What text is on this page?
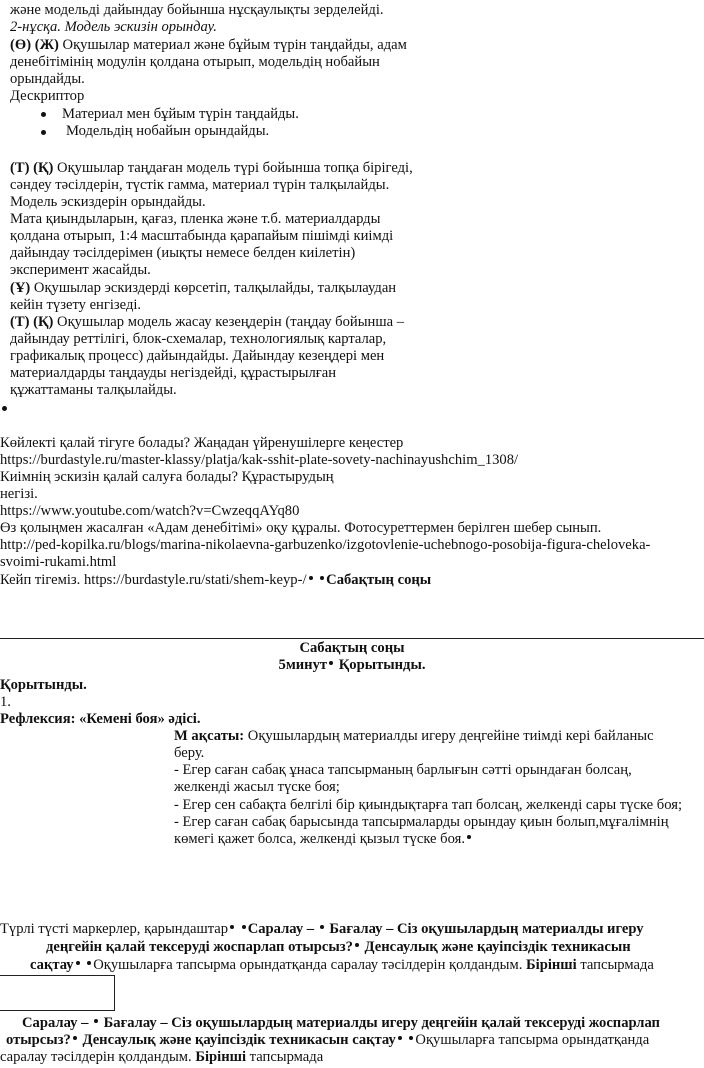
және модельді дайындау бойынша нұсқаулықты зерделейді.
2-нұсқа. Модель эскизін орындау.
(Ө) (Ж) Оқушылар материал және бұйым түрін таңдайды, адам
денебітімінің модулін қолдана отырып, модельдің нобайын
орындайды.
Дескриптор
Материал мен бұйым түрін таңдайды.
Модельдің нобайын орындайды.
(Т) (Қ) Оқушылар таңдаған модель түрі бойынша топқа бірігеді,
сәндеу тәсілдерін, түстік гамма, материал түрін талқылайды.
Модель эскиздерін орындайды.
Мата қиындыларын, қағаз, пленка және т.б. материалдарды
қолдана отырып, 1:4 масштабында қарапайым пішімді киімді
дайындау тәсілдерімен (иықты немесе белден киілетін)
эксперимент жасайды.
(Ұ) Оқушылар эскиздерді көрсетіп, талқылайды, талқылаудан
кейін түзету енгізеді.
(Т) (Қ) Оқушылар модель жасау кезеңдерін (таңдау бойынша –
дайындау реттілігі, блок-схемалар, технологиялық карталар,
графикалық процесс) дайындайды. Дайындау кезеңдері мен
материалдарды таңдауды негіздейді, құрастырылған
құжаттаманы талқылайды.
Көйлекті қалай тігуге болады? Жаңадан үйренушілерге кеңестер
https://burdastyle.ru/master-klassy/platja/kak-sshit-plate-sovety-nachinayushchim_1308/
Киімнің эскизін қалай салуға болады? Құрастырудың
негізі.
https://www.youtube.com/watch?v=CwzeqqAYq80
Өз қолыңмен жасалған «Адам денебітімі» оқу құралы. Фотосуреттермен берілген шебер сынып.
http://ped-kopilka.ru/blogs/marina-nikolaevna-garbuzenko/izgotovlenie-uchebnogo-posobija-figura-cheloveka-
svoimi-rukami.html
Кейп тігеміз. https://burdastyle.ru/stati/shem-keyp-/ Сабақтың соңы
Сабақтың соңы
5минут Қорытынды.
Қорытынды.
1.
Рефлексия: «Кемені боя» әдісі.
М ақсаты: Оқушылардың материалды игеру деңгейіне тиімді кері байланыс
беру.
- Егер саған сабақ ұнаса тапсырманың барлығын сәтті орындаған болсаң,
желкенді жасыл түске боя;
- Егер сен сабақта белгілі бір қиындықтарға тап болсаң, желкенді сары түске боя;
- Егер саған сабақ барысында тапсырмаларды орындау қиын болып,мұғалімнің
көмегі қажет болса, желкенді қызыл түске боя.
Түрлі түсті маркерлер, қарындаштар Саралау –  Бағалау – Сіз оқушылардың материалды игеру
деңгейін қалай тексеруді жоспарлап отырсыз? Денсаулық және қауіпсіздік техникасын
сақтау Оқушыларға тапсырма орындатқанда саралау тәсілдерін қолдандым. Бірінші тапсырмада
Саралау –  Бағалау – Сіз оқушылардың материалды игеру деңгейін қалай тексеруді жоспарлап
отырсыз? Денсаулық және қауіпсіздік техникасын сақтау Оқушыларға тапсырма орындатқанда
саралау тәсілдерін қолдандым. Бірінші тапсырмада
